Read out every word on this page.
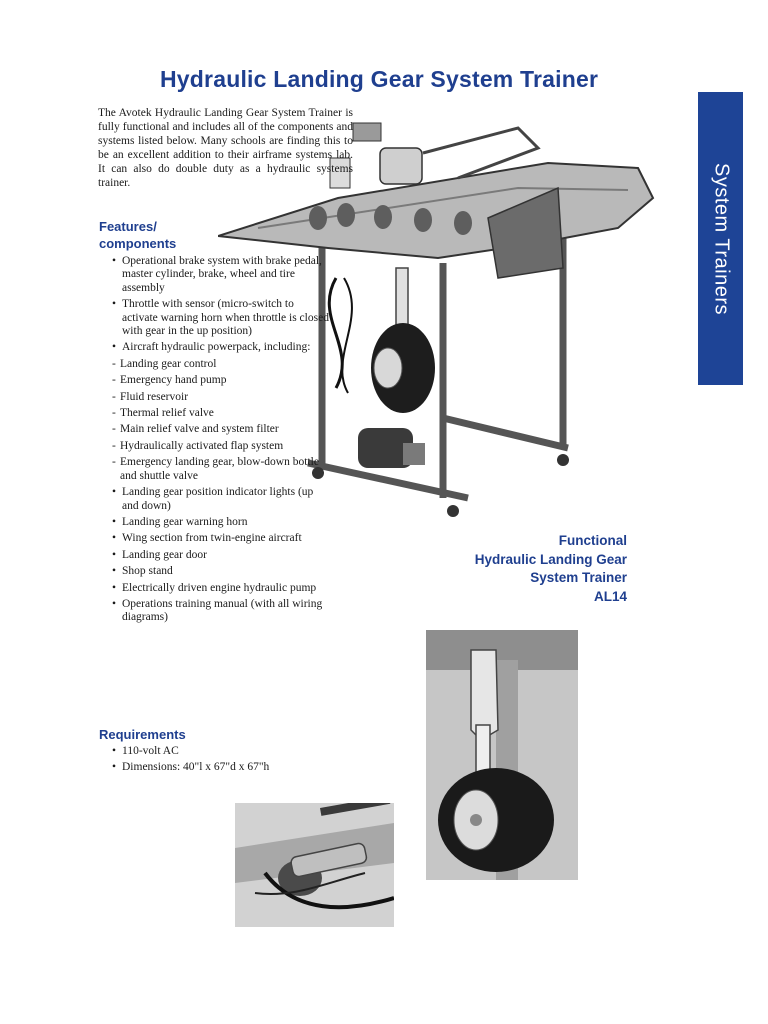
Hydraulic Landing Gear System Trainer
System Trainers

The Avotek Hydraulic Landing Gear System Trainer is fully functional and includes all of the components and systems listed below. Many schools are finding this to be an excellent addition to their airframe systems lab. It can also do double duty as a hydraulic systems trainer.

Features/
components
• Operational brake system with brake pedal, master cylinder, brake, wheel and tire assembly
• Throttle with sensor (micro-switch to activate warning horn when throttle is closed with gear in the up position)
• Aircraft hydraulic powerpack, including:
- Landing gear control
- Emergency hand pump
- Fluid reservoir
- Thermal relief valve
- Main relief valve and system filter
- Hydraulically activated flap system
- Emergency landing gear, blow-down bottle and shuttle valve
• Landing gear position indicator lights (up and down)
• Landing gear warning horn
• Wing section from twin-engine aircraft
• Landing gear door
• Shop stand
• Electrically driven engine hydraulic pump
• Operations training manual (with all wiring diagrams)
Requirements
• 110-volt AC
• Dimensions: 40"l x 67"d x 67"h
Functional
Hydraulic Landing Gear
System Trainer
AL14
